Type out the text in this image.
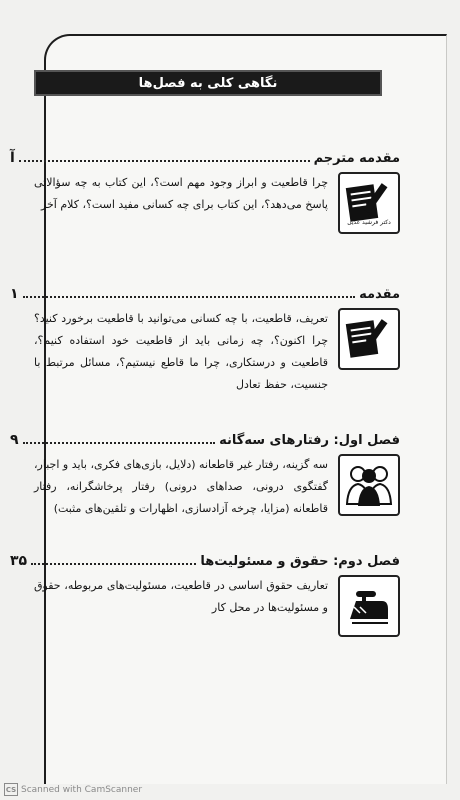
نگاهی کلی به فصل‌ها
مقدمه مترجم
آ
دکتر فرشید عدیل
چرا قاطعیت و ابراز وجود مهم است؟، این کتاب به چه سؤالاتی پاسخ می‌دهد؟، این کتاب برای چه کسانی مفید است؟، کلام آخر
مقدمه
۱
تعریف، قاطعیت، با چه کسانی می‌توانید با قاطعیت برخورد کنید؟ چرا اکنون؟، چه زمانی باید از قاطعیت خود استفاده کنیم؟، قاطعیت و درستکاری، چرا ما قاطع نیستیم؟، مسائل مرتبط با جنسیت، حفظ تعادل
فصل اول: رفتارهای سه‌گانه
۹
سه گزینه، رفتار غیر قاطعانه (دلایل، بازی‌های فکری، باید و اجبار، گفتگوی درونی، صداهای درونی) رفتار پرخاشگرانه، رفتار قاطعانه (مزایا، چرخه آزادسازی، اظهارات و تلقین‌های مثبت)
فصل دوم: حقوق و مسئولیت‌ها
۳۵
تعاریف حقوق اساسی در قاطعیت، مسئولیت‌های مربوطه، حقوق و مسئولیت‌ها در محل کار
CS Scanned with CamScanner
